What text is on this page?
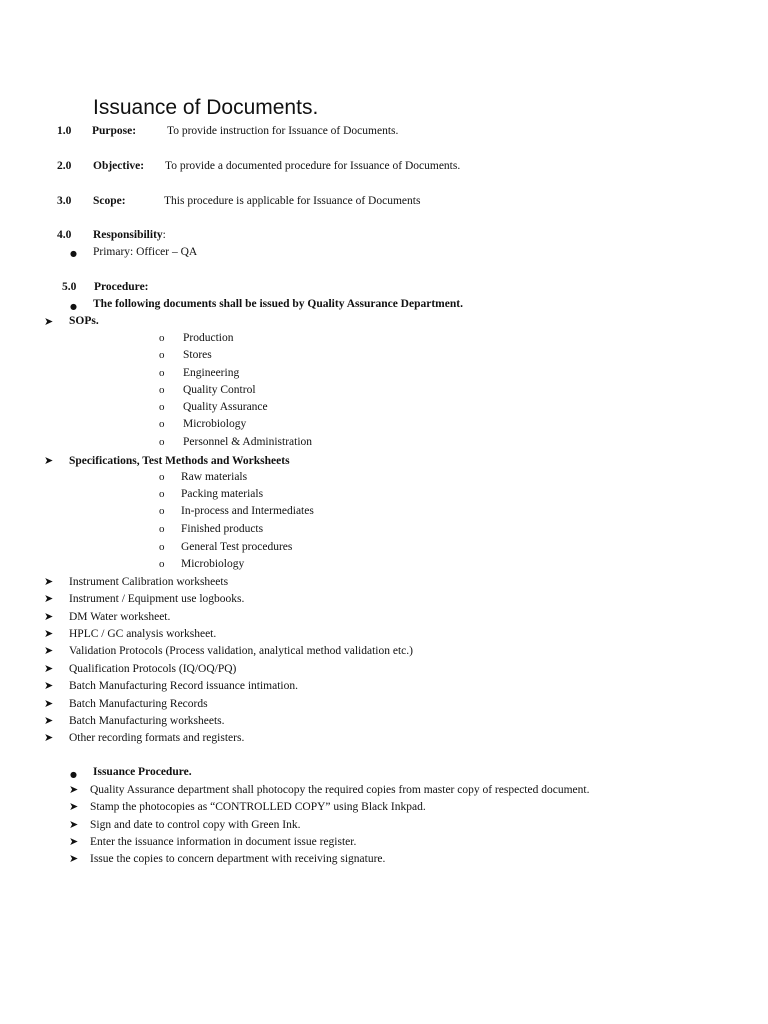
Issuance of Documents.
1.0 Purpose:	To provide instruction for Issuance of Documents.
2.0 Objective: To provide a documented procedure for Issuance of Documents.
3.0 Scope:	This procedure is applicable for Issuance of Documents
4.0 Responsibility:
● Primary: Officer – QA
5.0 Procedure:
● The following documents shall be issued by Quality Assurance Department.
➤ SOPs.
o Production
o Stores
o Engineering
o Quality Control
o Quality Assurance
o Microbiology
o Personnel & Administration
➤ Specifications, Test Methods and Worksheets
o Raw materials
o Packing materials
o In-process and Intermediates
o Finished products
o General Test procedures
o Microbiology
➤ Instrument Calibration worksheets
➤ Instrument / Equipment use logbooks.
➤ DM Water worksheet.
➤ HPLC / GC analysis worksheet.
➤ Validation Protocols (Process validation, analytical method validation etc.)
➤ Qualification Protocols (IQ/OQ/PQ)
➤ Batch Manufacturing Record issuance intimation.
➤ Batch Manufacturing Records
➤ Batch Manufacturing worksheets.
➤ Other recording formats and registers.
● Issuance Procedure.
➤ Quality Assurance department shall photocopy the required copies from master copy of respected document.
➤ Stamp the photocopies as “CONTROLLED COPY” using Black Inkpad.
➤ Sign and date to control copy with Green Ink.
➤ Enter the issuance information in document issue register.
➤ Issue the copies to concern department with receiving signature.
